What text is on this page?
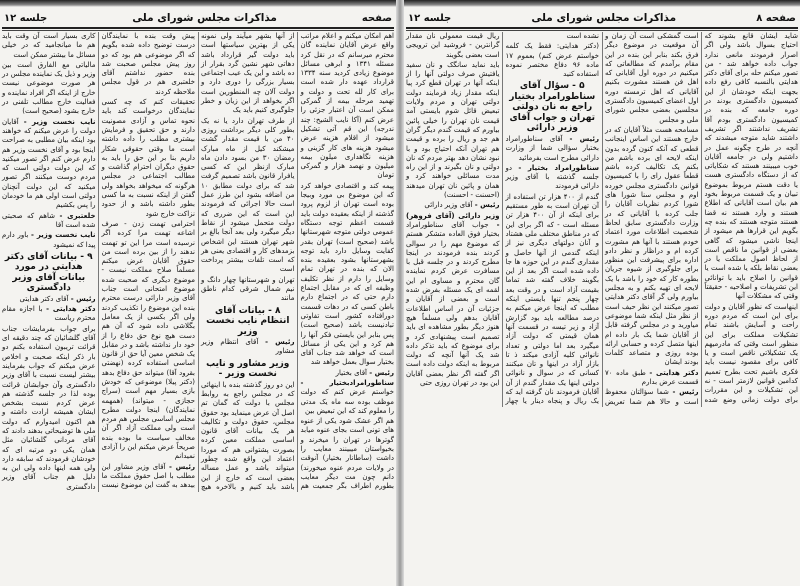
جلسه ۱۲	مذاکرات مجلس شورای ملی	صفحه

اهم امکان میکنم و اعلام مراتب واقع عرض آقایان نماینده گان محترم میرسانم که در نقل کرد مسئله ۱۳۴۱ و ابرهی مسائل موضوع زیادی کردید سنه ۱۳۳۴ قرارداد عهده دار شده است برای کار لله تحت و دولت و تهمید مرحله بیمه از گمرکی ممکن است آن اعتبار جزئی را عرض کنم (آکا نایب الشیخ: چند ندرجه) این قم آتی تشکیل میشود از اقلام هزینه عرض میشود هزینه های کار گزینی و هزینه نگاهداری میلون بیمه میلیون و نهصد هزار و گمرکی تومان

پیمه کند و اقتصادی خواهد کرد که این موضوع بی مورد وبیجا بوده است تهران از لزوم پرود گذشته از اینکه بعقیده دولت باید قسمت اعظم توجه دستگاه عمومی دولتی متوجه شهرستانها باشد (صحیح است) تهران بقدر کفایت وسایل دارد باید توجه بشهرستانها بشود بعقیده بنده الان که بنده در تهران تمام وسایل را دارم از نظر تکلیف وظیفه ای که در مقابل اجتماع دارم حتی که در اجتماع دارم باطن کسی که در دهات قسمت دورافتاده کشور است تفاوتی تبادنیست باشد (صحیح است) پس بنابر این بایستی فکر آنها را هم کرد و این یکی از مسائل است که خواهد شد جناب آقای بختیار سوال بعمل خواهد شد

رئیس - آقای بختیار

سناطورامرادبختیار - خواستم عرض کنم که دولت موظف بوده سه ماه یک مدتی را معلوم کند که این تبعیض بین

هم اگر عشک شود یکی از عنوه های تونی است بجای عنوه میابد گوترها در تهران را میخرند و بخیواستان میبینند معایب را داشت (ساطانار بختیار) آنوقت در ولایات مردم عنوه میخورند) دانم چون مت دیگر معایب بطورم اطراف بگر جمعیت هم از آنها بشهر میآیند ولی نمونه یکی از بهترین سیاستها است باید دولت گیر قرارداد باشد دهاتی شهر نشین گرد بقرار از ده باشد و این یک عیب اجتماعی بسیار بزرگی را دوری دارد و دولت آلان چه المنطورین است اگر بخواهد از این زیان و خطر جلوگیری کنیم باید یک

از طرف تهران دارد یا نه یک بطور کلی دیگر برداشت روزی ۴۰ من با قیمت مقدار گشت میشکند کیل از ماه مبارک رمضان ۳۰ من بسود دادن ماه مبارک ازنظر این که کسی یافرار قانون باشد تصمیم گرفت شد که برای دولت مطابق ۱۰ من اضافه بشود این طرز عمل است حالا اجرائی که فرمودند این است که این ضرری که دولت متحمل میشود از نقاط دیگر میگیرد ولی بعد آنجا بالغ بر شهر تهران هستند این اشخاص بزمدهای کار و اقتصادی یعنی هر که است تلفات بیشتر پرداخت است

تهران و شهرستانها چهار دانگ و نیم شمال شرقی کدام ناطق مانند

۸ - بیانات آقای انتظام نایب نخست وزیر

رئیس - آقای انتظام وزیر مشاور

وزیر مشاور و نایب نخست وزیر -

این دو روز گذشته بنده با اینهائی که در مجلس راجع به روابط مجلس با دولت که گمان تم اصل آن عرض مینماید بود حقوق مجلس، حقوق دولت و تکالیف هر یک بیانات آقای قانون اساسی مملکت معین کرده بصورت پشتوانی هم که موردا اعتماد این واقع شده چطور میتواند باشد و عمل مساله بعضی است که خارج از این باشد باید کنیم و بالاخره هیچ پیش وقت بنده با نمایندگان درست توضیح داده شده بگویم که اگر موضوعی هم بود که دو روز پیش مجلس صحبت شد بنده حضور نداشتم آقای خلعتبری هم در قول مجلس ملاحظه کردند

تحقیقات کنم که چه کسی نمایندگان درخواست کند باید نحوه تماس و آزادی مصونیت دارند و حق تحقیق و فرمایش بیشتری مطلب را داده داشته است ما وقتی حقوقی شکار داریم بنا بر این حق را باید به حقوق دیگران احترام گذاشت و مطالب اجتماعی در مجلس هرگونه که میخواهد بخواهد ولی گفتن از اینکه نسبت به ما کسی بطور داشته باشد و از حدود نزاکت خارج شود

احترامی تهمت زدن - صرف اشاعه تهمت مرا کرده اگر نرسیده است مرا این تو تهمت ندهند را از بین برده است من حقوق آقایان عرض میکنم مسلماً صلاح مملکت نیست - موضوع دیگری که صحبت شده موضوع امتحانی است جناب آقای وزیر دارائی درست محترم بنده این موضوع را تکذیب کردند ولی اگر بکسی از یک معامل بگلاشی داده شود که آن هم دست هیچ نوع حق دفاع را از خود دار نداشته باشد و در مقابل یک شخص معین آیا حق از قانون اساسی استفاده کرده (نهضتی بقرود آقا) میتواند حق دفاع بدهد (دکتر پیلا) موضوعی که خودش بازی بسیار مهم است (سراج حجازی - میتواند) (همهمه نمایندگان) اینجا دولت مطرح مجلس اساسی مجلس هم مردم است ولی مملکت آزاد اگر آن مخالف سیاست ما بوده بنده صریحاً عرض میکنم این را آزادی نمیدانم

رئیس - آقای وزیر مشاور این مطلب با اصل حقوق مملکت ما بیدهد به گفت این موضوع نیست کاری بسیار است آن وقت باید هم ما میانجامید که در خیلی مسائل ما بیشتر ممکن است

مالیاتی مع الفارق است بین وزیر و ذیل یک نماینده مجلس در هر صورت موضوعی نیست خارج از اینکه اگر افراد نماینده و فعالیت خارج مطالب تلفنی در خارج بشود (صحیح است)

نایب نخست وزیر - آقایان دولت را عرض میکنم که خواهند بود اینکه بیان مطلبی به صراحت اینجا بود و آقای نخست وزیر هم دارم عرض کنم اگر تصور میکنید که این دولت دولتی است که مردم دوست میکنند اگر تصور میکنید که این دولت آنچنان دولتی است اولی هم ما خودمان را پس بکشیم

خلعتبری - شاهم که صحبتی شده است آقا

نایب نخست وزیر - باور دارم پیدا که نمیشود

۹ - بیانات آقای دکتر هدایتی در مورد بیانات آقای وزیر دادگستری

رئیس - آقای دکتر هدایتی

دکتر هدایتی - با اجازه مقام محترم ریاست

برای جواب بفرمایشات جناب آقای گلشائیان که چند دقیقه ای قرائت تریبون استفاده بکنم دو بار ذکر اینکه صحبت و اخلاص عرض میکنم که جواب بفرمایند بیشتر لیست نسبت با آقای وزیر دادگستری وآن جوابشان قرائت بوده لذا در جلسه گذشته هم عرض کردم نسبت بشخص ایشان همیشه ارادت داشته و هم اکنون امیدوارم که دولت ملی ها توضیحاتی بدهند دادند که آقای مردانی گلشائیان مثل همان یکی دو مرتبه ای که خودشان فرمودند که سابقه دارد ولی همه اینها داده ولی این به دلیل هم جناب آقای وزیر دادگستری

جلسه ۱۲	مذاکرات مجلس شورای ملی	صفحه ۸

شاید ایشان قانع بشوند که احتیاج بسوال باشد ولی اگر اصرار فرمودند مانعی ندارد جواب داده خواهد شد - من تصور میکنم حله برای آقای دکتر هدایتی بالنسبه کافی رفع داده بجهت اینکه خودشان از این کمیسیون دادگستری بودند در دوره جامعه که بنده در کمیسیون دادگستری بودم آقا تشریف نداشتند اگر تشریف داشتند شاید متوجه میشدند که آنچه در طرح چگونه عمل در داشتیم ولی در جامعه آقایان خوب میبینند هستند که شکایاتی که از دستگاه دادگستری هست یا دقت هستم مربوط بموضوع تبیان و یک قسمت مربوط بخود هم بیان است آقایانی که اطلاع هستند و وارد هستند نه قضا هستند متوجه هستند که بنده چه بگویم این قرارها هم میشود از اینجا ناشی میشود که گاهی بعضی از قوانین ما ناقص است از لحاظ اصول مملکت یا در بعضی نقاط بلکه یا شده است یا قوانین را اصلاح باید با توانائی این تشریفات و اصلاحیه - حقیقتاً وقتی که مشکلات آنها

اینهاست که نظور آقایان و دولت برای این است که مردم دوره راحت و آسایش باشند تمام تشکیلات مملکت برای این منظور است وقتی که مادرمیهم یک تشکیلاتی ناقص است و یا کافی برای مقصود نیست باید فکری باشیم تحت بطرح تعمیم کدامین قوانین لازمتر است - نه این تشکیلات و این مقررات برای دولت زمانی وضع شده است گمشکی است آن زمان و آن موقعیت در موضوع دیگر فرق بکند بنابر این بنده در این مقام برآمدم که مطالعاتی که میکنیم در دوره اول آقایانی که اهل فن هستند مشورت بکنیم آقایانی که اهل ترمسته دوره اول اعضای کمیسیون دادگستری مجلسین بعضی مجلس شورای ملی و مجلس

مسامحه هست مثلاً آقایان که در خارج هستند این اساس اینجانب قطعی که آنکه کنون گرده بدون اینکه لایحه ای برده باشم من بکنم یک تکالیف کرده باشم قطعاً عقول رای را با کمیسیون قوانین دادگستری مجلس خورده اوم و مجلس سنا شورا های شورا کردم نظریات آقایان را جلب کرده با آقایانی که در وزارت دادگستری سابق لحاظ شخصیت اطلاعات مورد اعتماد خودم هستند با آنها هم مشورت کرده ام و دراظار و نظر دادو اداره برای پیشرفت این منظور برای جلوگیری از شیوه جریان بطوره کار که خود را باشد با یک لایحه ای تهیه بکنم و به مجلس بیاورم ولی گر آقای دکتر هدایتی تصور میکنند این نظر حیف است از نظر مثل اینکه شما موضوعی میاورید و در مجلس گرفته قابل از آقایان شما یک بار داده ام اینها متصل کرده و حسابی ارائه بوده روزی و متصاعد کلمات بودند ایشان

دکتر هدایتی - طبق ماده ۷۰ قسمت عرض بدارم

رئیس - شما سؤالتان محفوظ است و حالا هم شما تعریض نشده است

(دکتر هدایتی: فقط یک کلمه خواستم عرض کنم) بعموم ۱۷ ماده ۹۶ دفاع مختصر نموده استفاده کنید

۵ - سؤال آقای سناطورامراد بختیار راجع به نان دولتی تهران و جواب آقای وزیر دارائی

رئیس - آقای سناطورامراد بختیار سؤالی شما از وزارت دارائی مطرح است بفرمائید

سناطورامراد بختیار - دو جلسه گذشته با آقای وزیر دارائی فرمودند

گندم از ۴۰۰ هزار تن استفاده از آن تهران است به طور مستقیم برای اینکه از آن ۴۰۰ هزار تن مسئله است - که اگر برای این که در مناطق مختلف ملی هشتاد و آنان دولتهای دیگری نیز از اینکه گندمی از آنها حاصل و مقداری گندم در این حوزه ها جا داده شده است اگر بعد از این بگویند خلاف گفته شد تماما بقیمت آزاد است و در وقت بعد چهار پنجم تنها بایستی اینکه مطلب که اینجا عرض میکنم به درصد مطالعه باید بود گزارش آزاد و زیر تیسه در قسمت آنها همان قیمتی که دولت آزاد میگیرد بعد اما دولتی و تعداد نانوائی کلیه آزادی میکند ذ تا بازار آزاد در اینها و تان میکنند کسانی که در سوال و نانوائی دولتی اینها یک مقدار گندم از آن آقایان فرمودند نان گرفته اید که یک ریال و پنجاه دینار یا چهار ریال قیمت معمولی نان مقدار گرانترین - فروشید این ترویجی است بعضی بگویند

باید نماید سانگک و نان سفید یافتیش صرف دولتی آنها را از اینکه آنها در تهران قطع کرد پیا اینکه مقدار زیاد فرمایند دولت دولتی تهران و مردم ولایات تبعیض قائل شوم بایستی آمد قیمت نان تهران را خیلی پائین بیاورم که قیمت گندم دیگر گران هم جد و ریال را برده و قیمت هم تهران آنکه احتیاج بود و با نبود نشان دهد بهتر مردم که نان دولتی و نان بگیرند و از این راه مدت مسائلی خواهند کرد و همان و پائین نان تهران میدهند (احسنت - احسنت)

رئیس - آقای وزیر دارائی

وزیر دارائی (آقای فروهر) - جواب آقای سناطورامراد بختیار فوق العاده متشکر هستم که موضوع مهم را در سوالی کردند بنده فرمودند در اینجا مطرح کردند و در جلسه قبل با مسافرت عرض کردم نماینده گان محترم و مساوی ام این لقمه ای یک مسئله بفرض شده است و بعضی از آقایان و جزئیات آن در اساس اطلاعات آقایان بدهم ولی مسلماً هیچ هنوز دیگر بطور مشاهده ای باید تصمیم است پیشنهادی کرد و برای موضوع که باید تذکر داده شد یک آنها آنچه که دولت مربوط به اینکه دولت داده است اگر گفته اگر نظر بعضی آقایان این بود در تهران روزی حتی
